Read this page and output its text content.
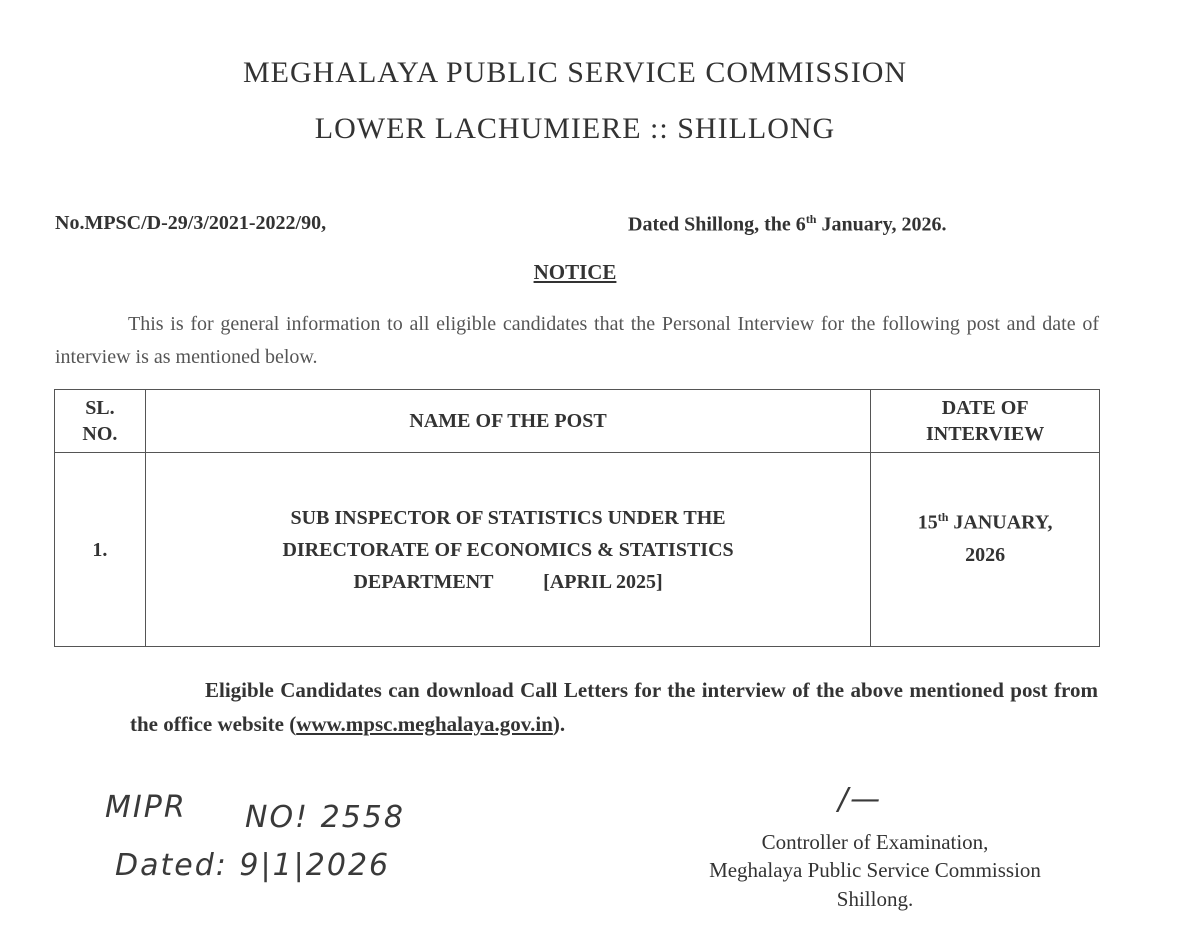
MEGHALAYA PUBLIC SERVICE COMMISSION
LOWER LACHUMIERE :: SHILLONG
No.MPSC/D-29/3/2021-2022/90,	Dated Shillong, the 6th January, 2026.
NOTICE
This is for general information to all eligible candidates that the Personal Interview for the following post and date of interview is as mentioned below.
SL.
NO.	NAME OF THE POST	DATE OF
INTERVIEW
1.	SUB INSPECTOR OF STATISTICS UNDER THE
DIRECTORATE OF ECONOMICS & STATISTICS
DEPARTMENT          [APRIL 2025]	15th JANUARY,
2026
Eligible Candidates can download Call Letters for the interview of the above mentioned post from the office website (www.mpsc.meghalaya.gov.in).
MIPR NO! 2558
Dated: 9|1|2026
/—
Controller of Examination,
Meghalaya Public Service Commission
Shillong.
